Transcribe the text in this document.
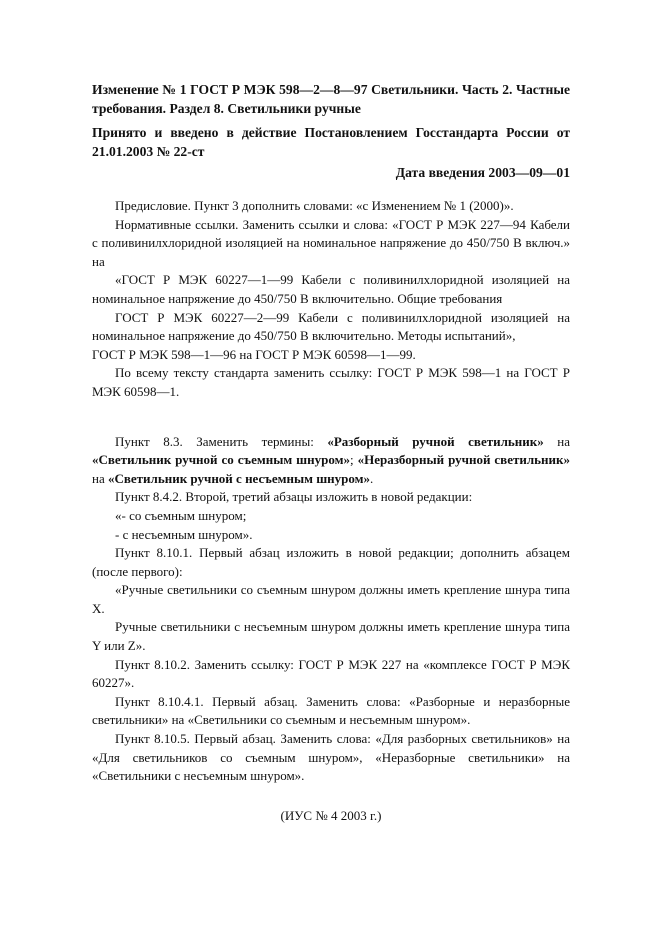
Изменение № 1 ГОСТ Р МЭК 598—2—8—97 Светильники. Часть 2. Частные требования. Раздел 8. Светильники ручные
Принято и введено в действие Постановлением Госстандарта России от 21.01.2003 № 22-ст
Дата введения 2003—09—01
Предисловие. Пункт 3 дополнить словами: «с Изменением № 1 (2000)».
Нормативные ссылки. Заменить ссылки и слова: «ГОСТ Р МЭК 227—94 Кабели с поливинилхлоридной изоляцией на номинальное напряжение до 450/750 В включ.» на
«ГОСТ Р МЭК 60227—1—99 Кабели с поливинилхлоридной изоляцией на номинальное напряжение до 450/750 В включительно. Общие требования
ГОСТ Р МЭК 60227—2—99 Кабели с поливинилхлоридной изоляцией на номинальное напряжение до 450/750 В включительно. Методы испытаний»,
ГОСТ Р МЭК 598—1—96 на ГОСТ Р МЭК 60598—1—99.
По всему тексту стандарта заменить ссылку: ГОСТ Р МЭК 598—1 на ГОСТ Р МЭК 60598—1.
Пункт 8.3. Заменить термины: «Разборный ручной светильник» на «Светильник ручной со съемным шнуром»; «Неразборный ручной светильник» на «Светильник ручной с несъемным шнуром».
Пункт 8.4.2. Второй, третий абзацы изложить в новой редакции:
«- со съемным шнуром;
- с несъемным шнуром».
Пункт 8.10.1. Первый абзац изложить в новой редакции; дополнить абзацем (после первого):
«Ручные светильники со съемным шнуром должны иметь крепление шнура типа X.
Ручные светильники с несъемным шнуром должны иметь крепление шнура типа Y или Z».
Пункт 8.10.2. Заменить ссылку: ГОСТ Р МЭК 227 на «комплексе ГОСТ Р МЭК 60227».
Пункт 8.10.4.1. Первый абзац. Заменить слова: «Разборные и неразборные светильники» на «Светильники со съемным и несъемным шнуром».
Пункт 8.10.5. Первый абзац. Заменить слова: «Для разборных светильников» на «Для светильников со съемным шнуром», «Неразборные светильники» на «Светильники с несъемным шнуром».
(ИУС № 4 2003 г.)
